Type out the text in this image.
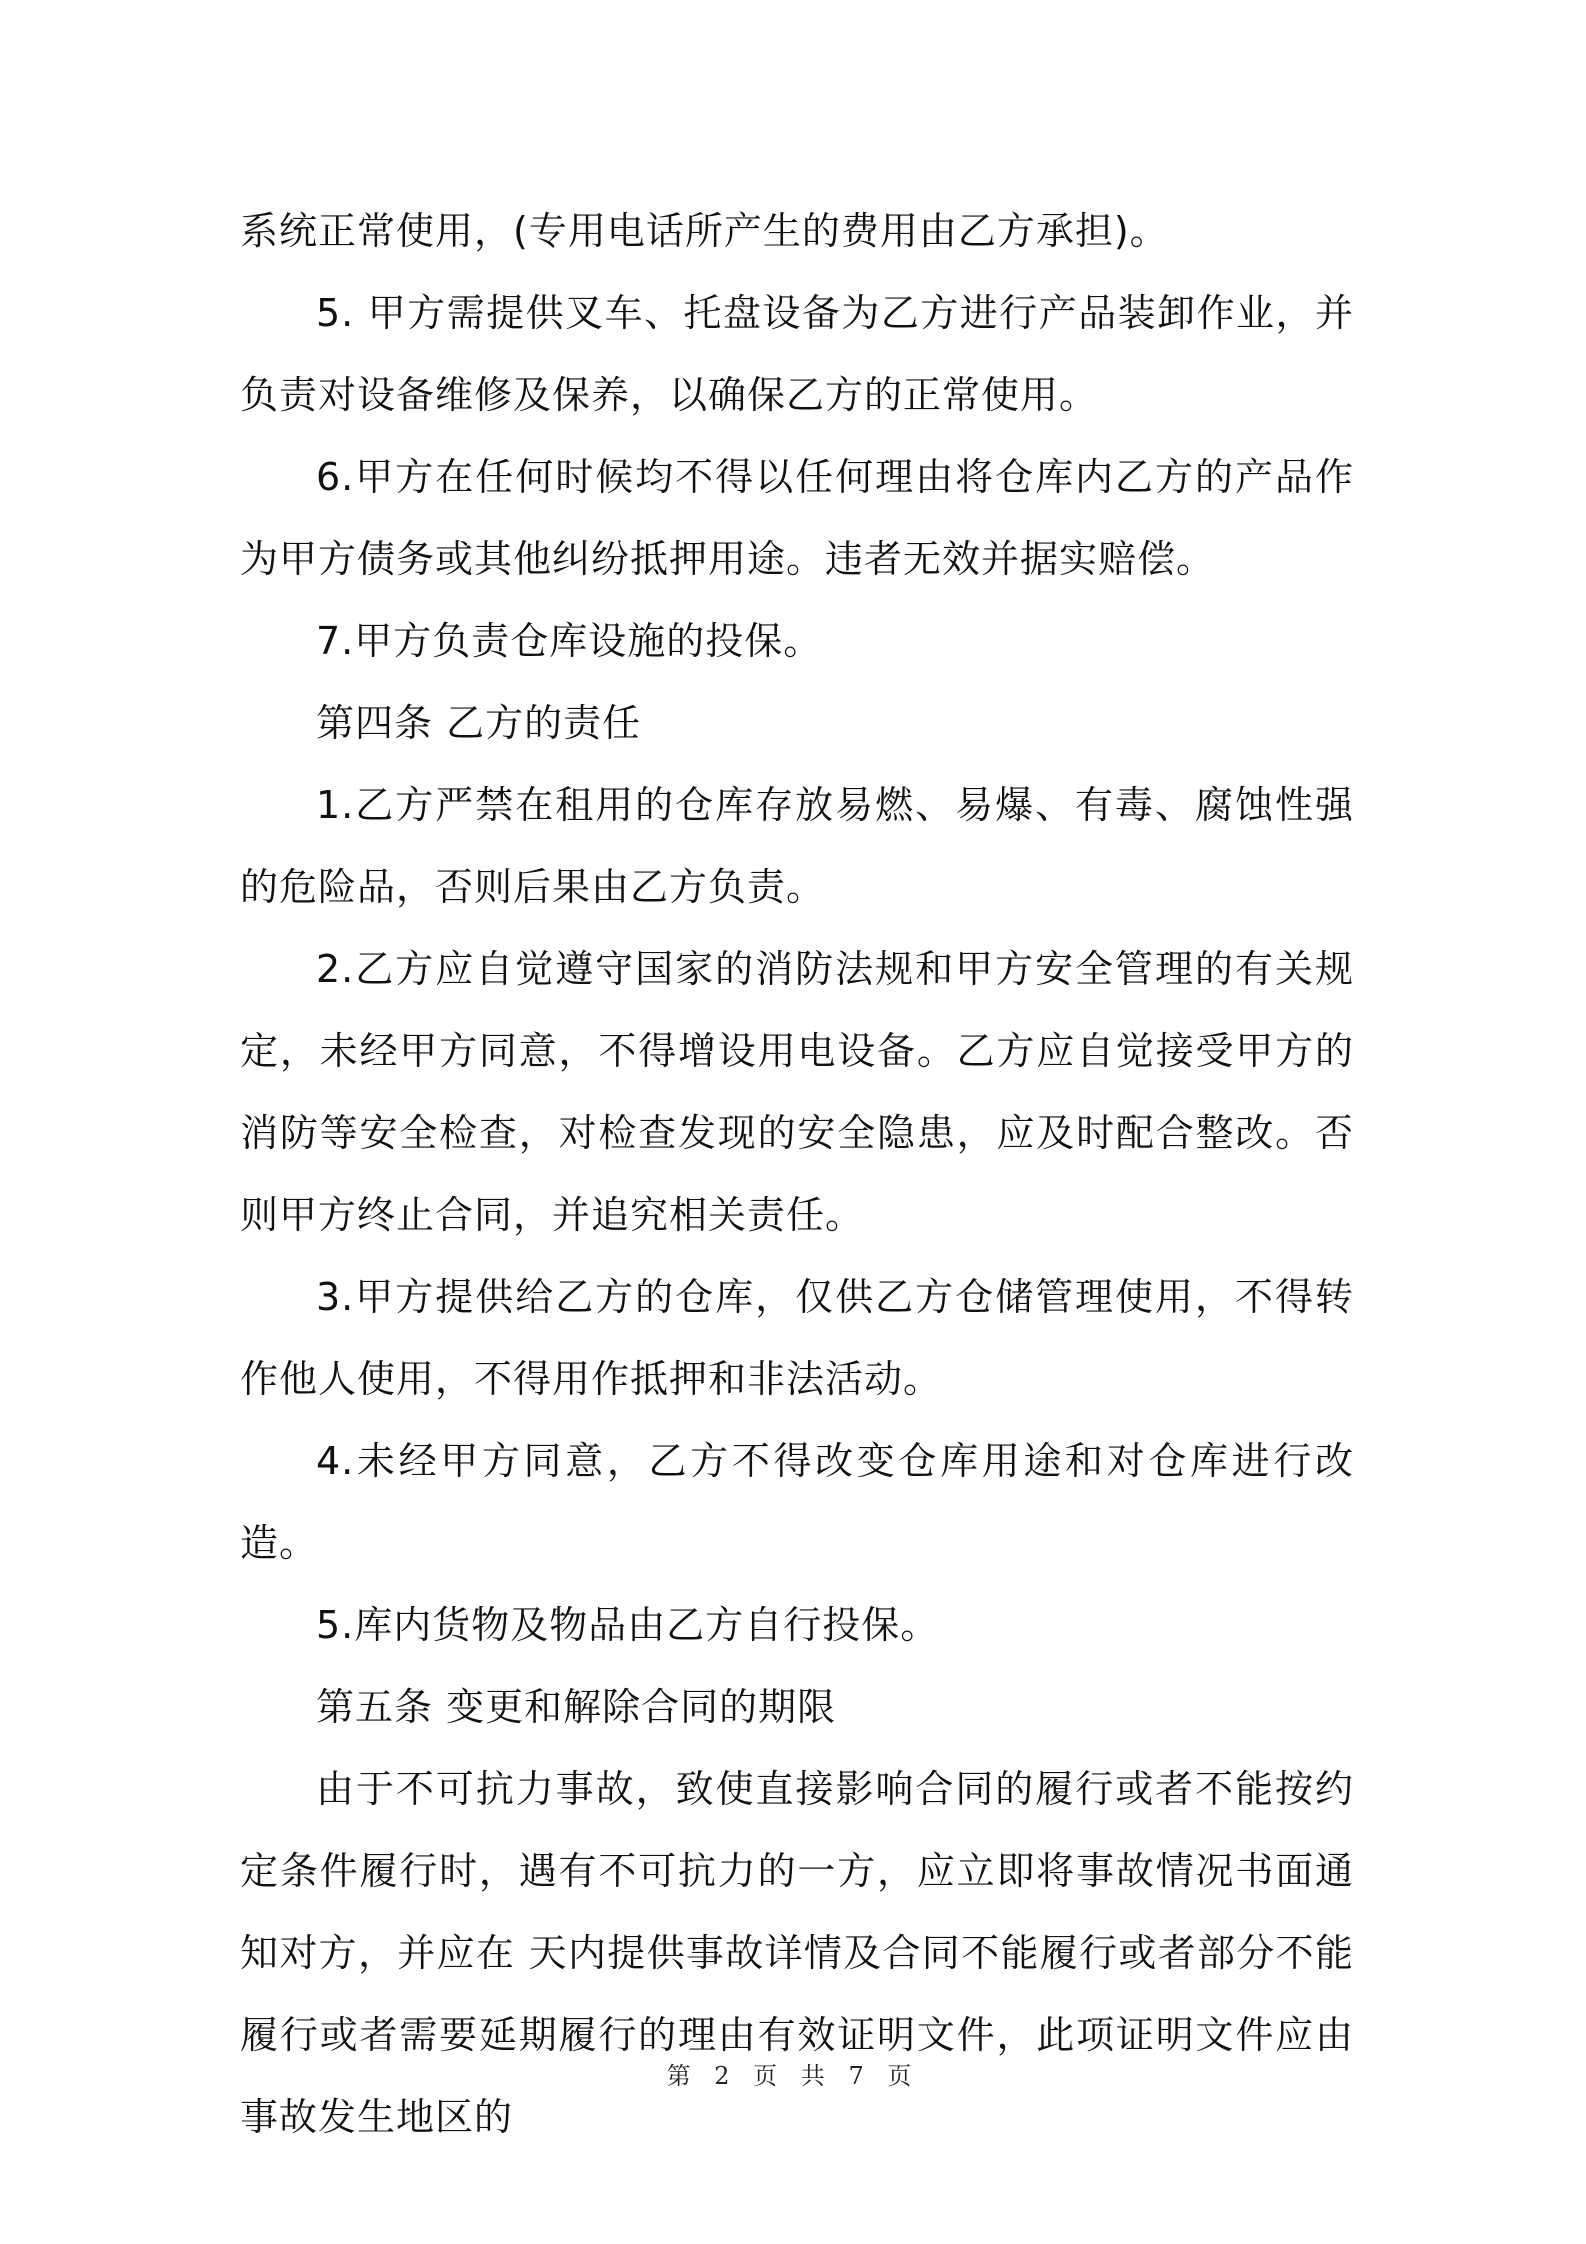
系统正常使用，(专用电话所产生的费用由乙方承担)。

5. 甲方需提供叉车、托盘设备为乙方进行产品装卸作业，并负责对设备维修及保养，以确保乙方的正常使用。

6.甲方在任何时候均不得以任何理由将仓库内乙方的产品作为甲方债务或其他纠纷抵押用途。违者无效并据实赔偿。

7.甲方负责仓库设施的投保。

第四条 乙方的责任

1.乙方严禁在租用的仓库存放易燃、易爆、有毒、腐蚀性强的危险品，否则后果由乙方负责。

2.乙方应自觉遵守国家的消防法规和甲方安全管理的有关规定，未经甲方同意，不得增设用电设备。乙方应自觉接受甲方的消防等安全检查，对检查发现的安全隐患，应及时配合整改。否则甲方终止合同，并追究相关责任。

3.甲方提供给乙方的仓库，仅供乙方仓储管理使用，不得转作他人使用，不得用作抵押和非法活动。

4.未经甲方同意，乙方不得改变仓库用途和对仓库进行改造。

5.库内货物及物品由乙方自行投保。

第五条 变更和解除合同的期限

由于不可抗力事故，致使直接影响合同的履行或者不能按约定条件履行时，遇有不可抗力的一方，应立即将事故情况书面通知对方，并应在 天内提供事故详情及合同不能履行或者部分不能履行或者需要延期履行的理由有效证明文件，此项证明文件应由事故发生地区的

第 2 页 共 7 页
